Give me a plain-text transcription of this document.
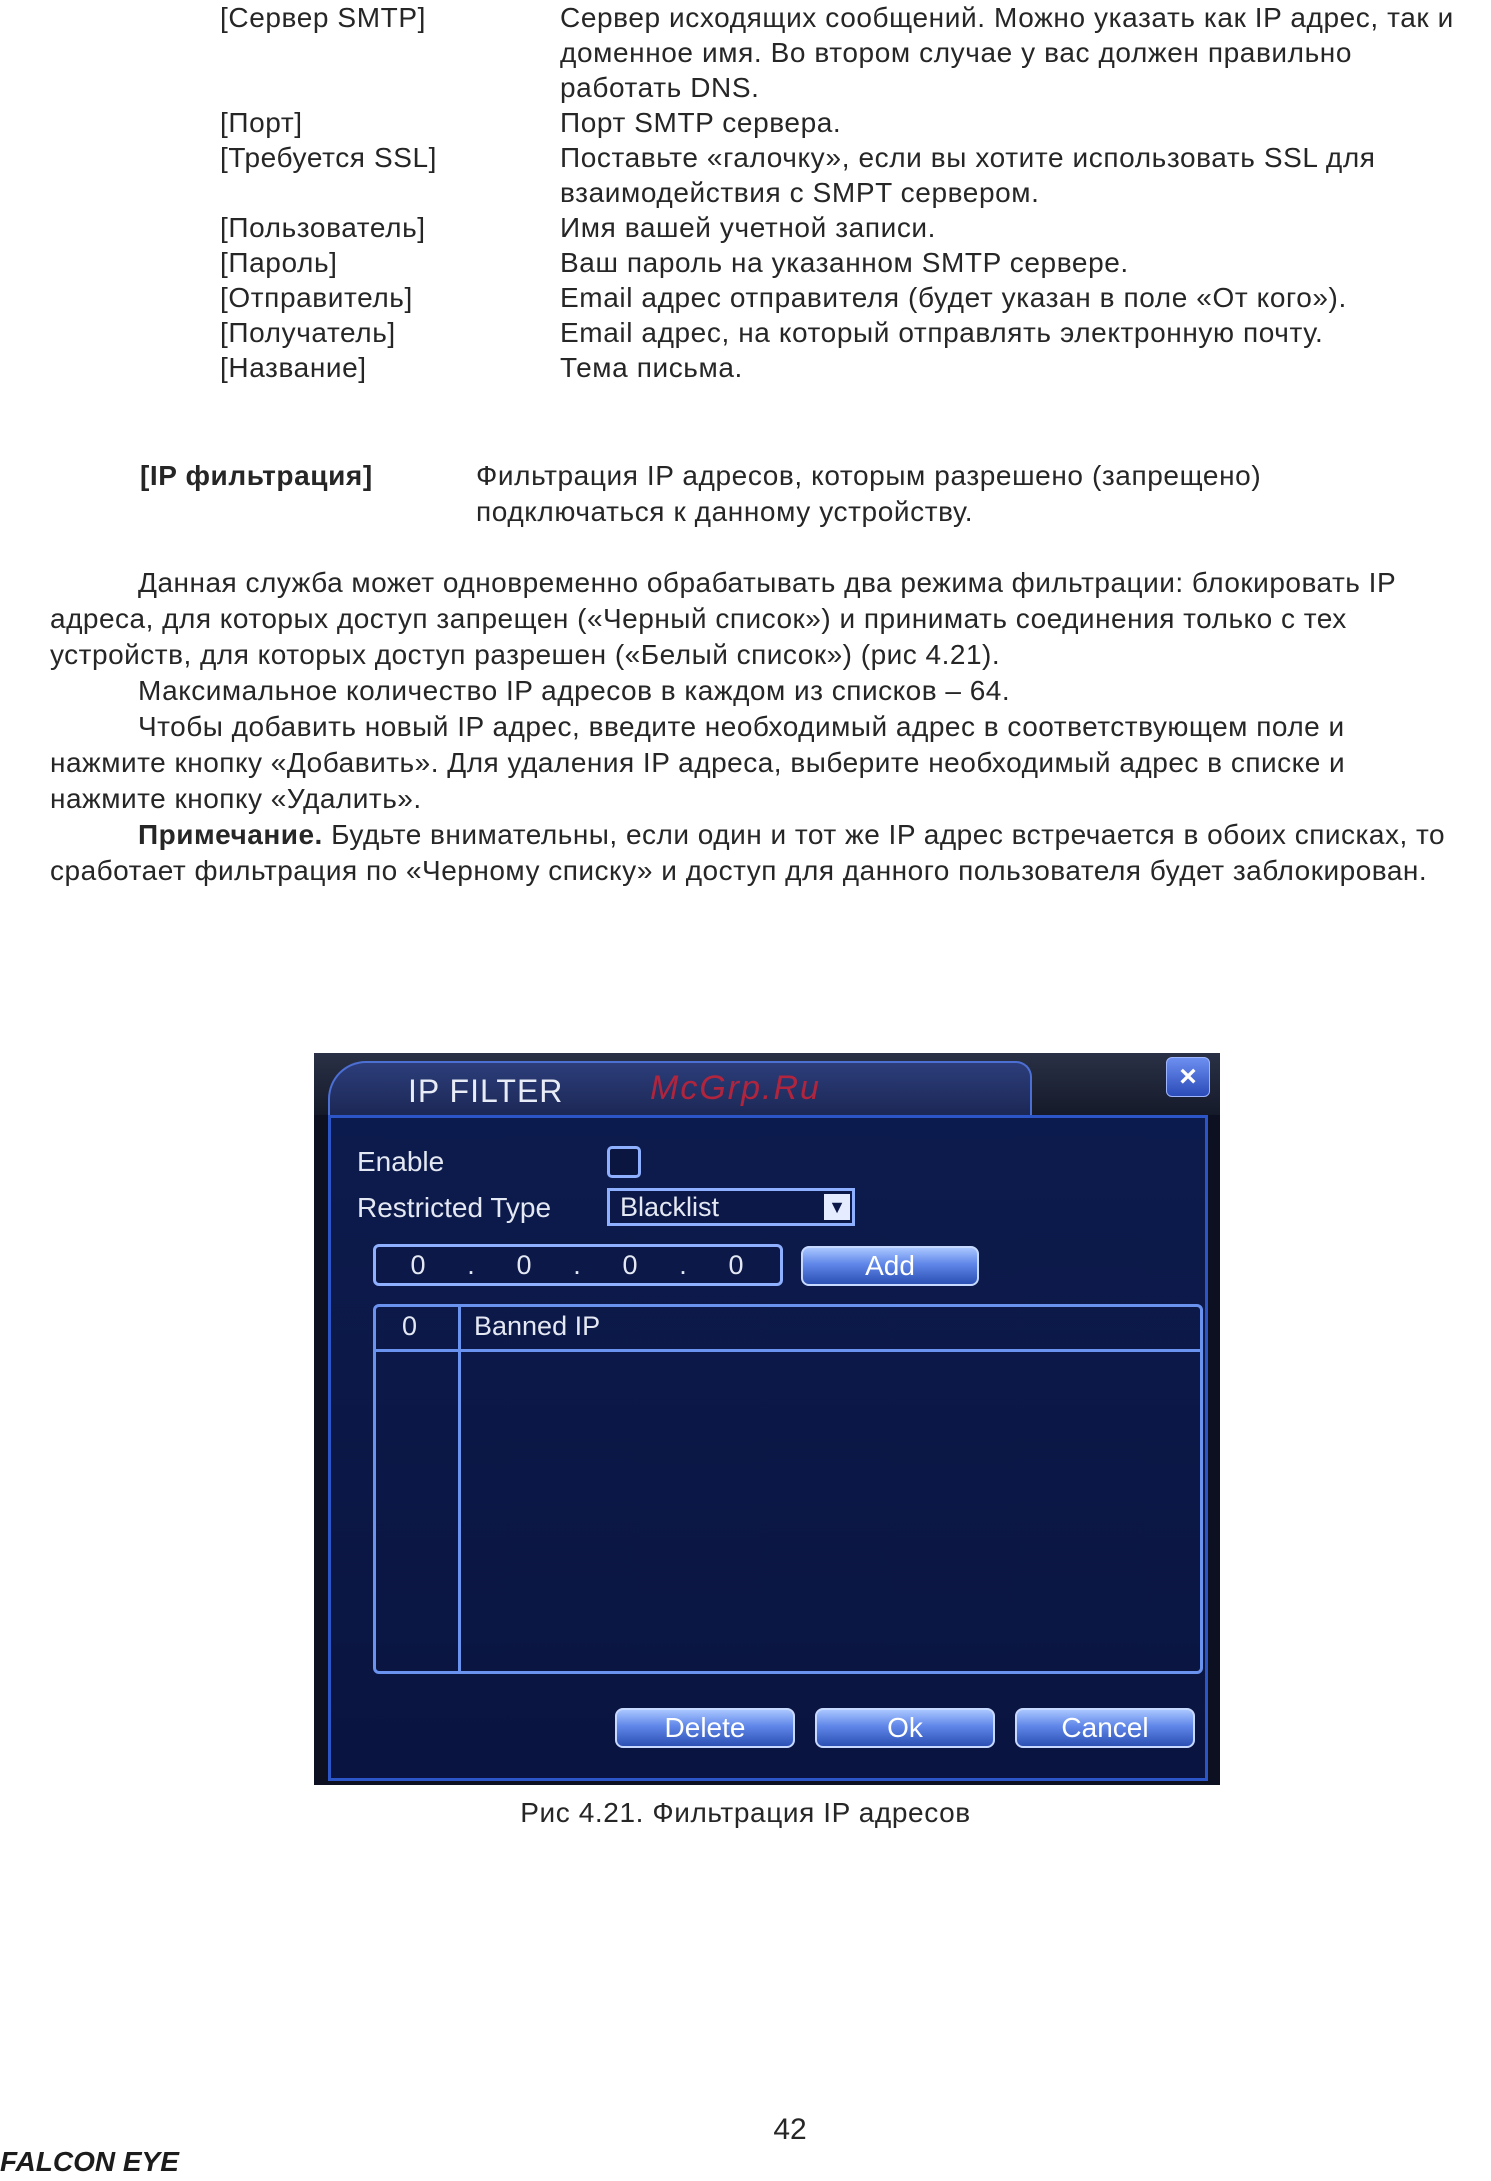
[Сервер SMTP]	Сервер исходящих сообщений. Можно указать как IP адрес, так и доменное имя. Во втором случае у вас должен правильно работать DNS.
[Порт]	Порт SMTP сервера.
[Требуется SSL]	Поставьте «галочку», если вы хотите использовать SSL для взаимодействия с SMPT сервером.
[Пользователь]	Имя вашей учетной записи.
[Пароль]	Ваш пароль на указанном SMTP сервере.
[Отправитель]	Email адрес отправителя (будет указан в поле «От кого»).
[Получатель]	Email адрес, на который отправлять электронную почту.
[Название]	Тема письма.
[IP фильтрация]	Фильтрация IP адресов, которым разрешено (запрещено) подключаться к данному устройству.

Данная служба может одновременно обрабатывать два режима фильтрации: блокировать IP адреса, для которых доступ запрещен («Черный список») и принимать соединения только с тех устройств, для которых доступ разрешен («Белый список») (рис 4.21).

Максимальное количество IP адресов в каждом из списков – 64.

Чтобы добавить новый IP адрес, введите необходимый адрес в соответствующем поле и нажмите кнопку «Добавить». Для удаления IP адреса, выберите необходимый адрес в списке и нажмите кнопку «Удалить».

Примечание. Будьте внимательны, если один и тот же IP адрес встречается в обоих списках, то сработает фильтрация по «Черному списку» и доступ для данного пользователя будет заблокирован.

IP FILTER	McGrp.Ru	×
Enable
Restricted Type	Blacklist	▼
0	.	0	.	0	.	0	Add
0 Banned IP
Delete	Ok	Cancel
Рис 4.21. Фильтрация IP адресов
42
FALCON EYE
